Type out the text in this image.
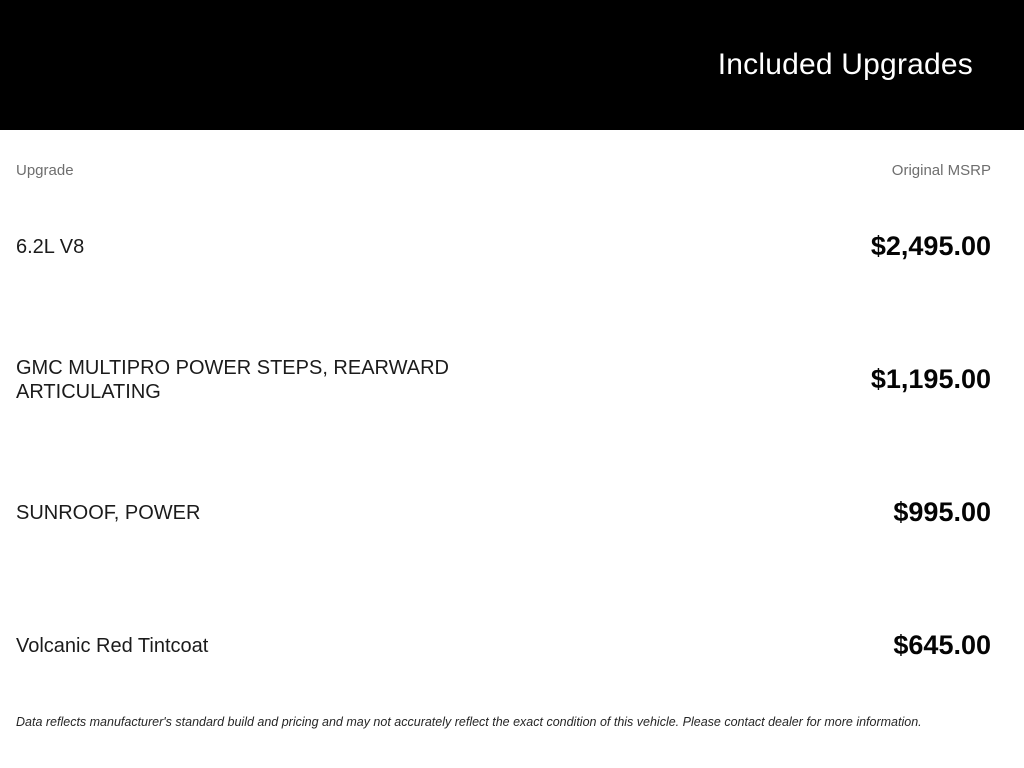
Included Upgrades
Upgrade	Original MSRP
6.2L V8	$2,495.00
GMC MULTIPRO POWER STEPS, REARWARD ARTICULATING	$1,195.00
SUNROOF, POWER	$995.00
Volcanic Red Tintcoat	$645.00
Data reflects manufacturer's standard build and pricing and may not accurately reflect the exact condition of this vehicle. Please contact dealer for more information.
